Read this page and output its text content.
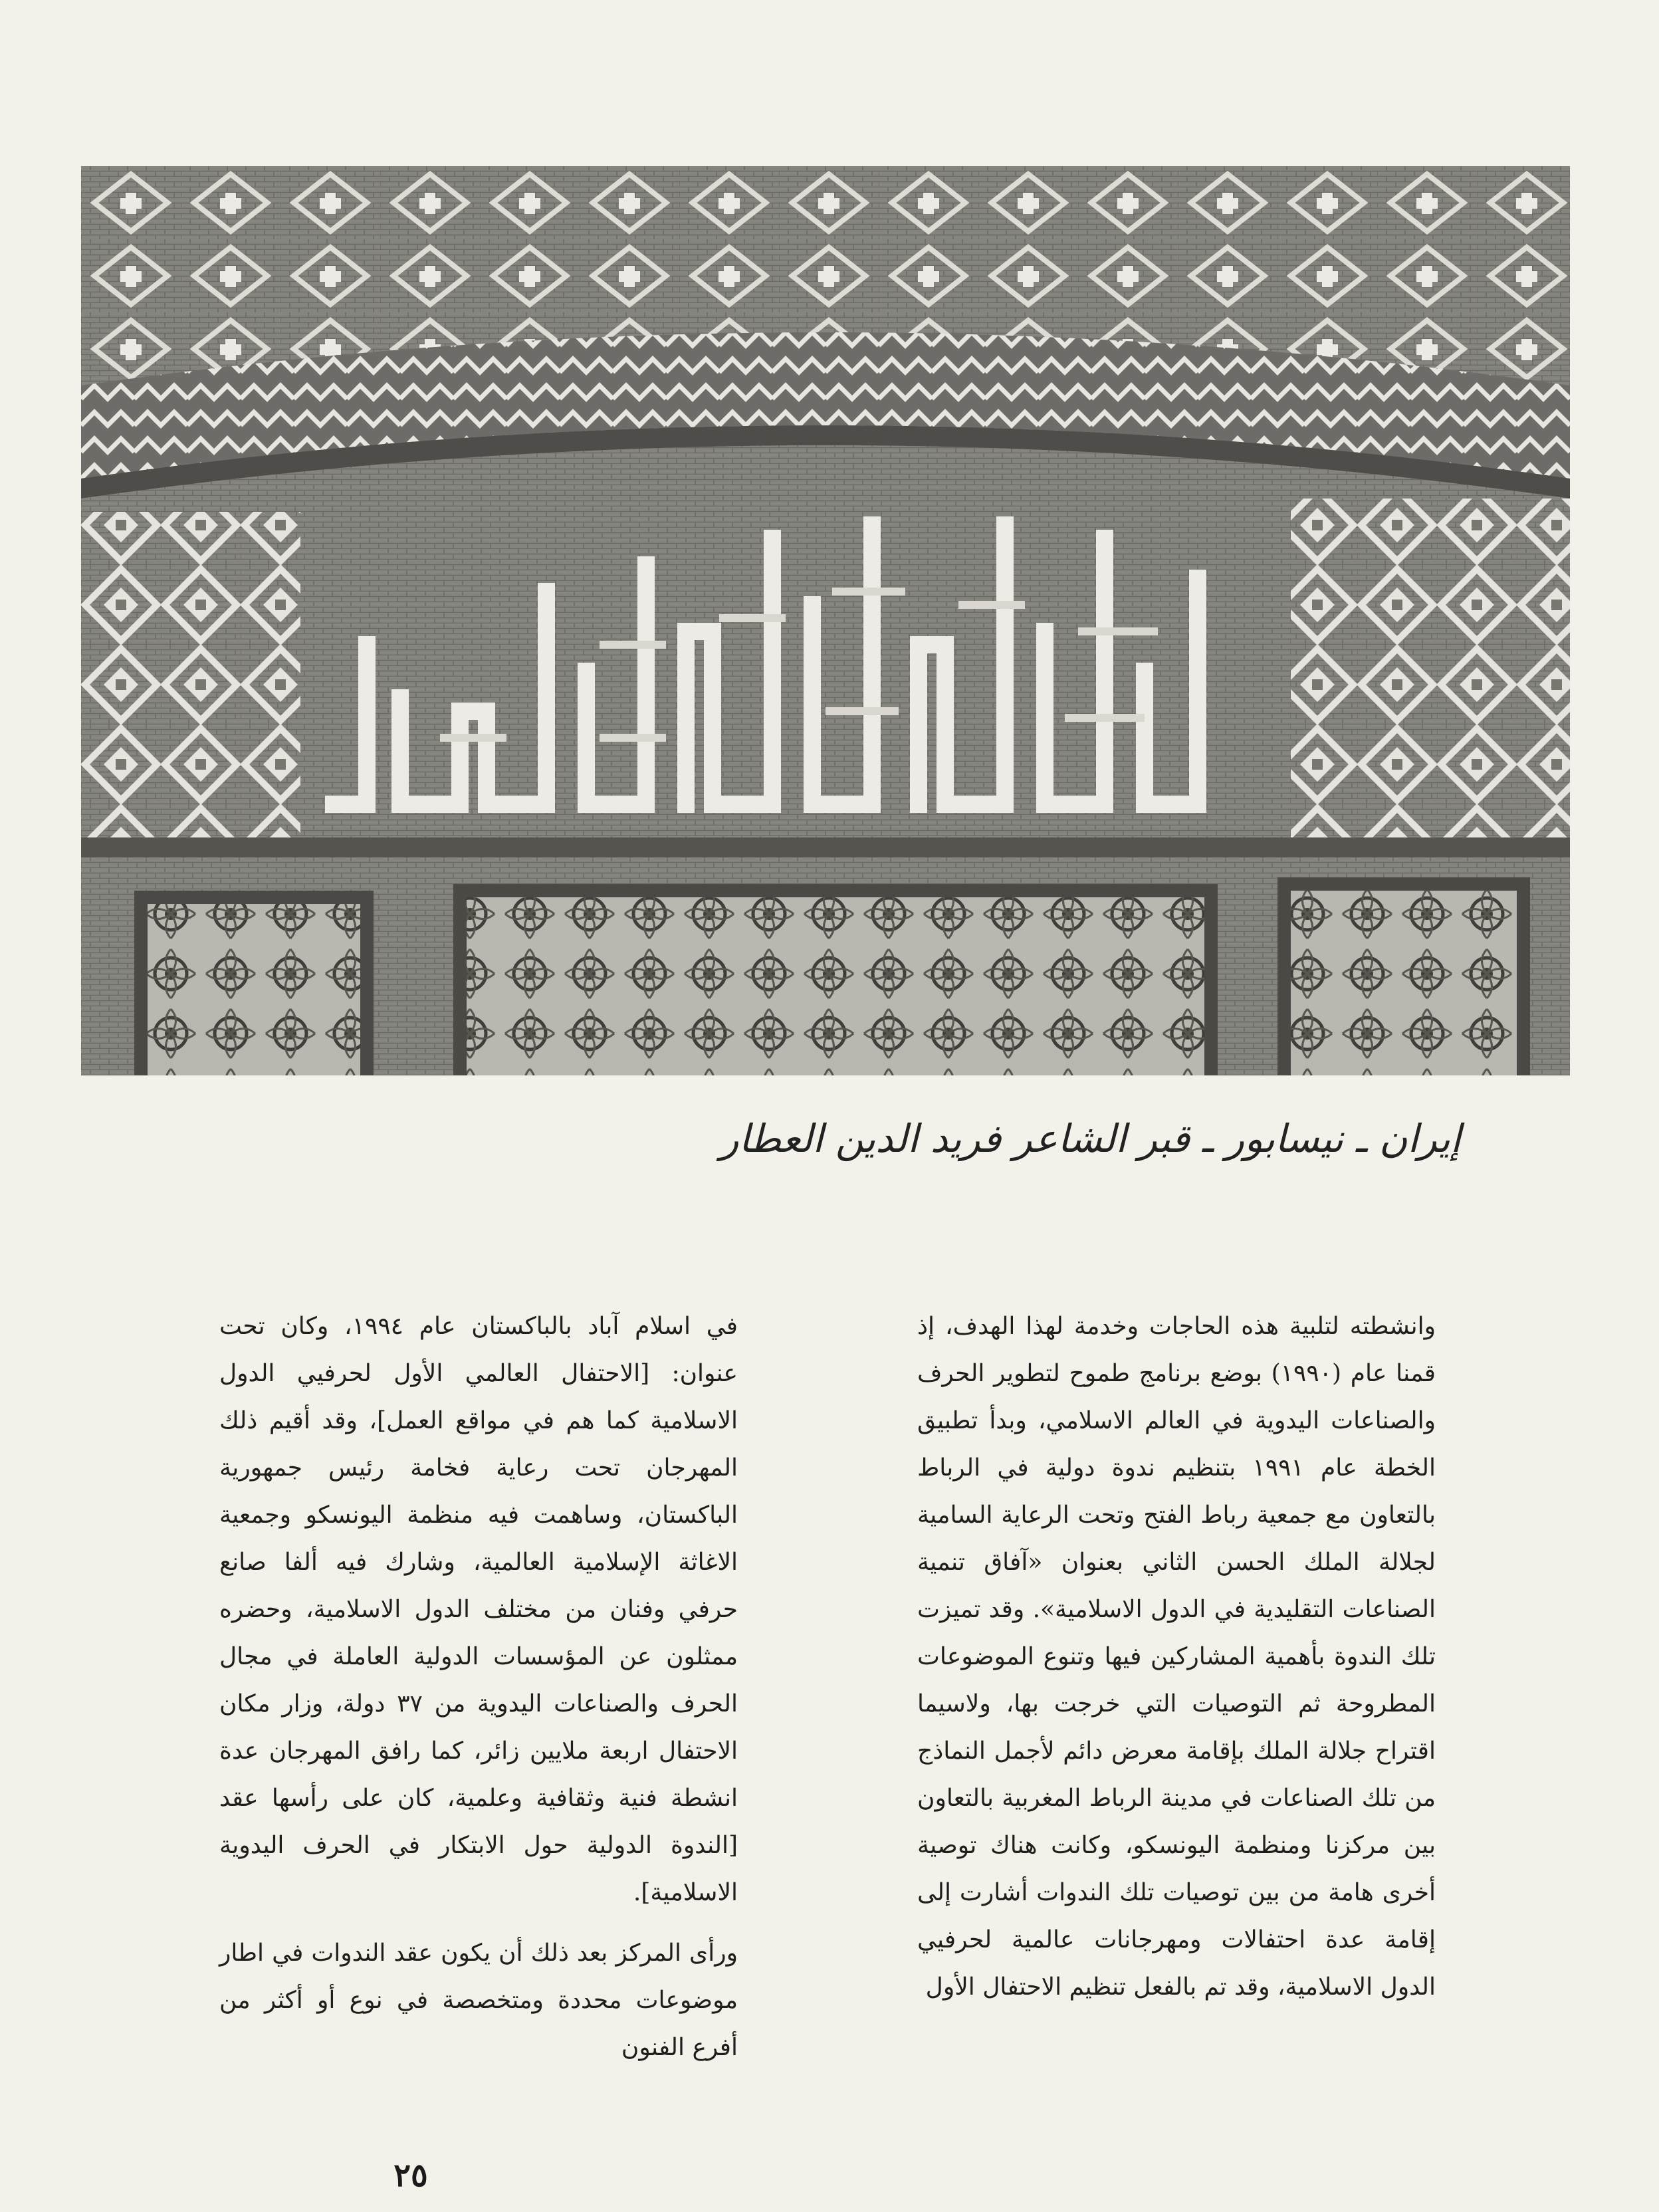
إيران ـ نيسابور ـ قبر الشاعر فريد الدين العطار

وانشطته لتلبية هذه الحاجات وخدمة لهذا الهدف، إذ قمنا عام (١٩٩٠) بوضع برنامج طموح لتطوير الحرف والصناعات اليدوية في العالم الاسلامي، وبدأ تطبيق الخطة عام ١٩٩١ بتنظيم ندوة دولية في الرباط بالتعاون مع جمعية رباط الفتح وتحت الرعاية السامية لجلالة الملك الحسن الثاني بعنوان «آفاق تنمية الصناعات التقليدية في الدول الاسلامية». وقد تميزت تلك الندوة بأهمية المشاركين فيها وتنوع الموضوعات المطروحة ثم التوصيات التي خرجت بها، ولاسيما اقتراح جلالة الملك بإقامة معرض دائم لأجمل النماذج من تلك الصناعات في مدينة الرباط المغربية بالتعاون بين مركزنا ومنظمة اليونسكو، وكانت هناك توصية أخرى هامة من بين توصيات تلك الندوات أشارت إلى إقامة عدة احتفالات ومهرجانات عالمية لحرفيي الدول الاسلامية، وقد تم بالفعل تنظيم الاحتفال الأول

في اسلام آباد بالباكستان عام ١٩٩٤، وكان تحت عنوان: [الاحتفال العالمي الأول لحرفيي الدول الاسلامية كما هم في مواقع العمل]، وقد أقيم ذلك المهرجان تحت رعاية فخامة رئيس جمهورية الباكستان، وساهمت فيه منظمة اليونسكو وجمعية الاغاثة الإسلامية العالمية، وشارك فيه ألفا صانع حرفي وفنان من مختلف الدول الاسلامية، وحضره ممثلون عن المؤسسات الدولية العاملة في مجال الحرف والصناعات اليدوية من ٣٧ دولة، وزار مكان الاحتفال اربعة ملايين زائر، كما رافق المهرجان عدة انشطة فنية وثقافية وعلمية، كان على رأسها عقد [الندوة الدولية حول الابتكار في الحرف اليدوية الاسلامية].

ورأى المركز بعد ذلك أن يكون عقد الندوات في اطار موضوعات محددة ومتخصصة في نوع أو أكثر من أفرع الفنون

٢٥
